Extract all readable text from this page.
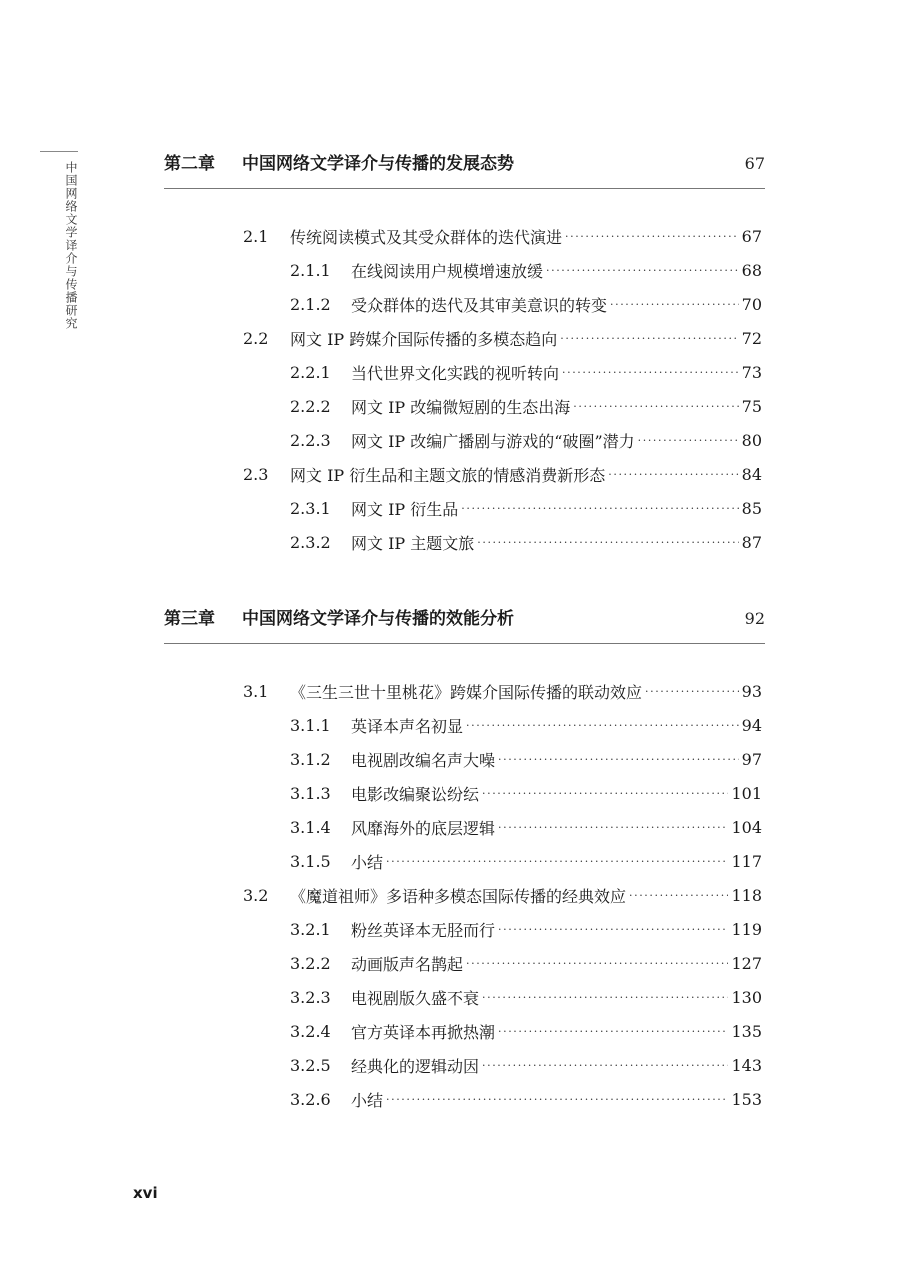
中国网络文学译介与传播研究	第二章	中国网络文学译介与传播的发展态势	67
2.1	传统阅读模式及其受众群体的迭代演进 ·····	67
2.1.1	在线阅读用户规模增速放缓 ·····	68
2.1.2	受众群体的迭代及其审美意识的转变 ·····	70
2.2	网文 IP 跨媒介国际传播的多模态趋向 ·····	72
2.2.1	当代世界文化实践的视听转向 ·····	73
2.2.2	网文 IP 改编微短剧的生态出海 ·····	75
2.2.3	网文 IP 改编广播剧与游戏的“破圈”潜力 ·····	80
2.3	网文 IP 衍生品和主题文旅的情感消费新形态 ·····	84
2.3.1	网文 IP 衍生品 ·····	85
2.3.2	网文 IP 主题文旅 ·····	87
第三章	中国网络文学译介与传播的效能分析	92
3.1	《三生三世十里桃花》跨媒介国际传播的联动效应 ·····	93
3.1.1	英译本声名初显 ·····	94
3.1.2	电视剧改编名声大噪 ·····	97
3.1.3	电影改编聚讼纷纭 ·····	101
3.1.4	风靡海外的底层逻辑 ·····	104
3.1.5	小结 ·····	117
3.2	《魔道祖师》多语种多模态国际传播的经典效应 ·····	118
3.2.1	粉丝英译本无胫而行 ·····	119
3.2.2	动画版声名鹊起 ·····	127
3.2.3	电视剧版久盛不衰 ·····	130
3.2.4	官方英译本再掀热潮 ·····	135
3.2.5	经典化的逻辑动因 ·····	143
3.2.6	小结 ·····	153
xvi
